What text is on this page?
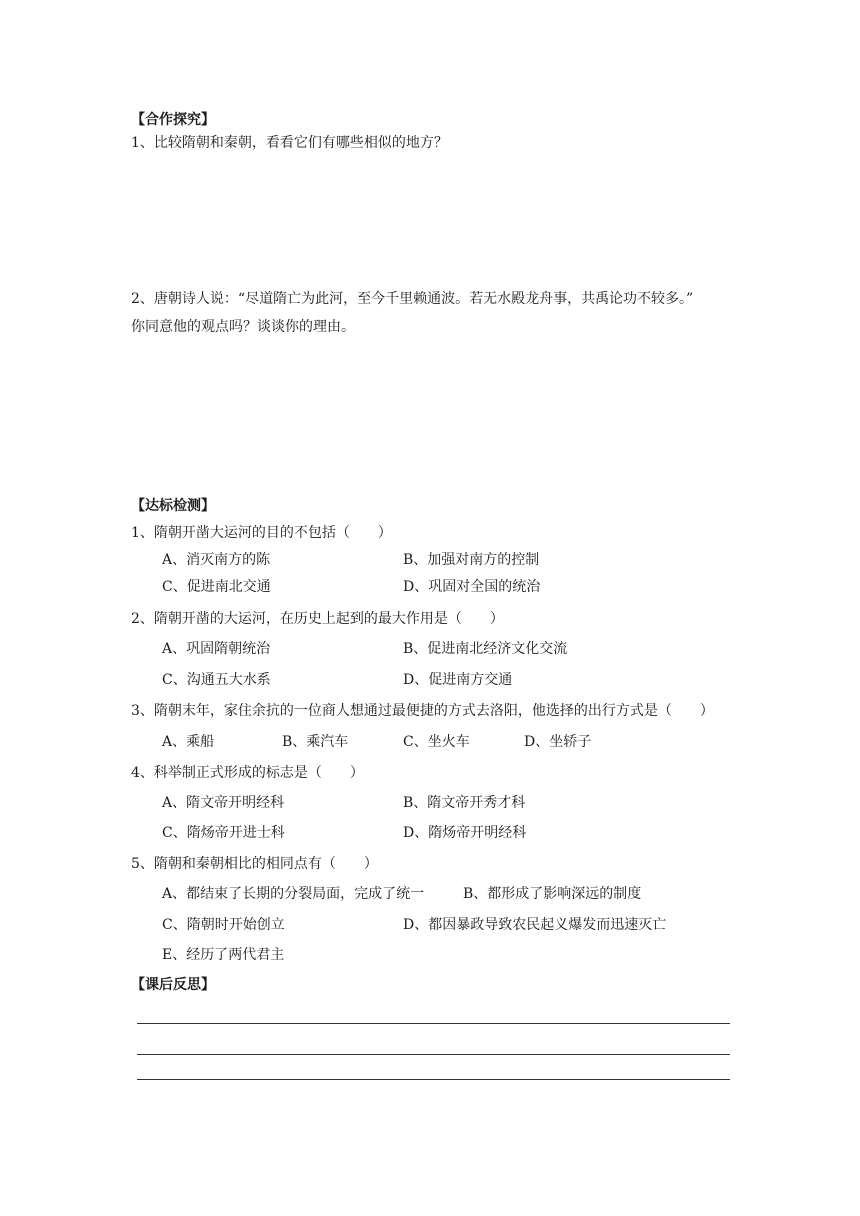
【合作探究】
1、比较隋朝和秦朝，看看它们有哪些相似的地方？
2、唐朝诗人说：“尽道隋亡为此河，至今千里赖通波。若无水殿龙舟事，共禹论功不较多。”
你同意他的观点吗？谈谈你的理由。
【达标检测】
1、隋朝开凿大运河的目的不包括（　　）
A、消灭南方的陈	B、加强对南方的控制
C、促进南北交通	D、巩固对全国的统治
2、隋朝开凿的大运河，在历史上起到的最大作用是（　　）
A、巩固隋朝统治	B、促进南北经济文化交流
C、沟通五大水系	D、促进南方交通
3、隋朝末年，家住余抗的一位商人想通过最便捷的方式去洛阳，他选择的出行方式是（　　）
A、乘船	B、乘汽车	C、坐火车	D、坐轿子
4、科举制正式形成的标志是（　　）
A、隋文帝开明经科	B、隋文帝开秀才科
C、隋炀帝开进士科	D、隋炀帝开明经科
5、隋朝和秦朝相比的相同点有（　　）
A、都结束了长期的分裂局面，完成了统一	B、都形成了影响深远的制度
C、隋朝时开始创立	D、都因暴政导致农民起义爆发而迅速灭亡
E、经历了两代君主
【课后反思】
